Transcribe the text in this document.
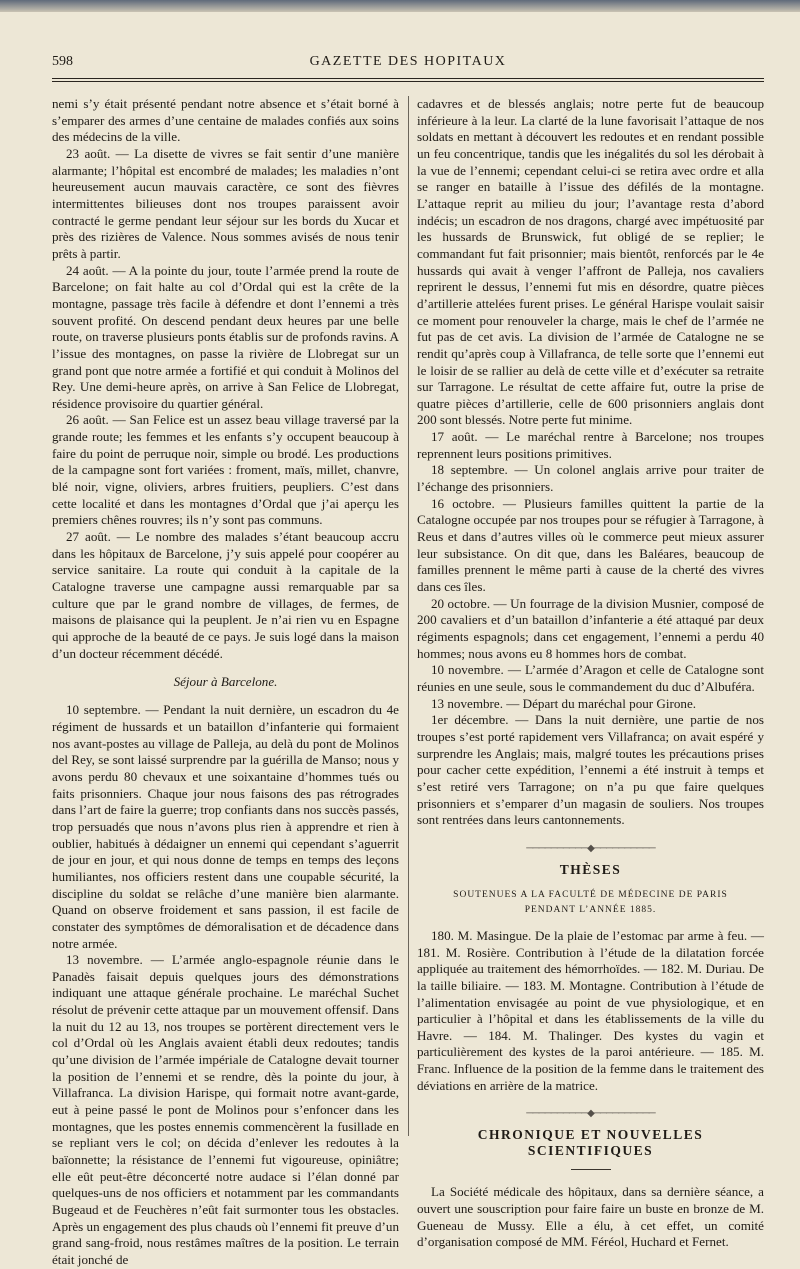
598	GAZETTE DES HOPITAUX

nemi s’y était présenté pendant notre absence et s’était borné à s’emparer des armes d’une centaine de malades confiés aux soins des médecins de la ville.

23 août. — La disette de vivres se fait sentir d’une manière alarmante; l’hôpital est encombré de malades; les maladies n’ont heureusement aucun mauvais caractère, ce sont des fièvres intermittentes bilieuses dont nos troupes paraissent avoir contracté le germe pendant leur séjour sur les bords du Xucar et près des rizières de Valence. Nous sommes avisés de nous tenir prêts à partir.

24 août. — A la pointe du jour, toute l’armée prend la route de Barcelone; on fait halte au col d’Ordal qui est la crête de la montagne, passage très facile à défendre et dont l’ennemi a très souvent profité. On descend pendant deux heures par une belle route, on traverse plusieurs ponts établis sur de profonds ravins. A l’issue des montagnes, on passe la rivière de Llobregat sur un grand pont que notre armée a fortifié et qui conduit à Molinos del Rey. Une demi-heure après, on arrive à San Felice de Llobregat, résidence provisoire du quartier général.

26 août. — San Felice est un assez beau village traversé par la grande route; les femmes et les enfants s’y occupent beaucoup à faire du point de perruque noir, simple ou brodé. Les productions de la campagne sont fort variées : froment, maïs, millet, chanvre, blé noir, vigne, oliviers, arbres fruitiers, peupliers. C’est dans cette localité et dans les montagnes d’Ordal que j’ai aperçu les premiers chênes rouvres; ils n’y sont pas communs.

27 août. — Le nombre des malades s’étant beaucoup accru dans les hôpitaux de Barcelone, j’y suis appelé pour coopérer au service sanitaire. La route qui conduit à la capitale de la Catalogne traverse une campagne aussi remarquable par sa culture que par le grand nombre de villages, de fermes, de maisons de plaisance qui la peuplent. Je n’ai rien vu en Espagne qui approche de la beauté de ce pays. Je suis logé dans la maison d’un docteur récemment décédé.

Séjour à Barcelone.

10 septembre. — Pendant la nuit dernière, un escadron du 4e régiment de hussards et un bataillon d’infanterie qui formaient nos avant-postes au village de Palleja, au delà du pont de Molinos del Rey, se sont laissé surprendre par la guérilla de Manso; nous y avons perdu 80 chevaux et une soixantaine d’hommes tués ou faits prisonniers. Chaque jour nous faisons des pas rétrogrades dans l’art de faire la guerre; trop confiants dans nos succès passés, trop persuadés que nous n’avons plus rien à apprendre et rien à oublier, habitués à dédaigner un ennemi qui cependant s’aguerrit de jour en jour, et qui nous donne de temps en temps des leçons humiliantes, nos officiers restent dans une coupable sécurité, la discipline du soldat se relâche d’une manière bien alarmante. Quand on observe froidement et sans passion, il est facile de constater des symptômes de démoralisation et de décadence dans notre armée.

13 novembre. — L’armée anglo-espagnole réunie dans le Panadès faisait depuis quelques jours des démonstrations indiquant une attaque générale prochaine. Le maréchal Suchet résolut de prévenir cette attaque par un mouvement offensif. Dans la nuit du 12 au 13, nos troupes se portèrent directement vers le col d’Ordal où les Anglais avaient établi deux redoutes; tandis qu’une division de l’armée impériale de Catalogne devait tourner la position de l’ennemi et se rendre, dès la pointe du jour, à Villafranca. La division Harispe, qui formait notre avant-garde, eut à peine passé le pont de Molinos pour s’enfoncer dans les montagnes, que les postes ennemis commencèrent la fusillade en se repliant vers le col; on décida d’enlever les redoutes à la baïonnette; la résistance de l’ennemi fut vigoureuse, opiniâtre; elle eût peut-être déconcerté notre audace si l’élan donné par quelques-uns de nos officiers et notamment par les commandants Bugeaud et de Feuchères n’eût fait surmonter tous les obstacles. Après un engagement des plus chauds où l’ennemi fit preuve d’un grand sang-froid, nous restâmes maîtres de la position. Le terrain était jonché de

cadavres et de blessés anglais; notre perte fut de beaucoup inférieure à la leur. La clarté de la lune favorisait l’attaque de nos soldats en mettant à découvert les redoutes et en rendant possible un feu concentrique, tandis que les inégalités du sol les dérobait à la vue de l’ennemi; cependant celui-ci se retira avec ordre et alla se ranger en bataille à l’issue des défilés de la montagne. L’attaque reprit au milieu du jour; l’avantage resta d’abord indécis; un escadron de nos dragons, chargé avec impétuosité par les hussards de Brunswick, fut obligé de se replier; le commandant fut fait prisonnier; mais bientôt, renforcés par le 4e hussards qui avait à venger l’affront de Palleja, nos cavaliers reprirent le dessus, l’ennemi fut mis en désordre, quatre pièces d’artillerie attelées furent prises. Le général Harispe voulait saisir ce moment pour renouveler la charge, mais le chef de l’armée ne fut pas de cet avis. La division de l’armée de Catalogne ne se rendit qu’après coup à Villafranca, de telle sorte que l’ennemi eut le loisir de se rallier au delà de cette ville et d’exécuter sa retraite sur Tarragone. Le résultat de cette affaire fut, outre la prise de quatre pièces d’artillerie, celle de 600 prisonniers anglais dont 200 sont blessés. Notre perte fut minime.

17 août. — Le maréchal rentre à Barcelone; nos troupes reprennent leurs positions primitives.

18 septembre. — Un colonel anglais arrive pour traiter de l’échange des prisonniers.

16 octobre. — Plusieurs familles quittent la partie de la Catalogne occupée par nos troupes pour se réfugier à Tarragone, à Reus et dans d’autres villes où le commerce peut mieux assurer leur subsistance. On dit que, dans les Baléares, beaucoup de familles prennent le même parti à cause de la cherté des vivres dans ces îles.

20 octobre. — Un fourrage de la division Musnier, composé de 200 cavaliers et d’un bataillon d’infanterie a été attaqué par deux régiments espagnols; dans cet engagement, l’ennemi a perdu 40 hommes; nous avons eu 8 hommes hors de combat.

10 novembre. — L’armée d’Aragon et celle de Catalogne sont réunies en une seule, sous le commandement du duc d’Albuféra.

13 novembre. — Départ du maréchal pour Girone.

1er décembre. — Dans la nuit dernière, une partie de nos troupes s’est porté rapidement vers Villafranca; on avait espéré y surprendre les Anglais; mais, malgré toutes les précautions prises pour cacher cette expédition, l’ennemi a été instruit à temps et s’est retiré vers Tarragone; on n’a pu que faire quelques prisonniers et s’emparer d’un magasin de souliers. Nos troupes sont rentrées dans leurs cantonnements.

──────────◆──────────
THÈSES
SOUTENUES A LA FACULTÉ DE MÉDECINE DE PARIS
PENDANT L’ANNÉE 1885.

180. M. Masingue. De la plaie de l’estomac par arme à feu. — 181. M. Rosière. Contribution à l’étude de la dilatation forcée appliquée au traitement des hémorrhoïdes. — 182. M. Duriau. De la taille biliaire. — 183. M. Montagne. Contribution à l’étude de l’alimentation envisagée au point de vue physiologique, et en particulier à l’hôpital et dans les établissements de la ville du Havre. — 184. M. Thalinger. Des kystes du vagin et particulièrement des kystes de la paroi antérieure. — 185. M. Franc. Influence de la position de la femme dans le traitement des déviations en arrière de la matrice.

──────────◆──────────
CHRONIQUE ET NOUVELLES SCIENTIFIQUES

La Société médicale des hôpitaux, dans sa dernière séance, a ouvert une souscription pour faire faire un buste en bronze de M. Gueneau de Mussy. Elle a élu, à cet effet, un comité d’organisation composé de MM. Féréol, Huchard et Fernet.
